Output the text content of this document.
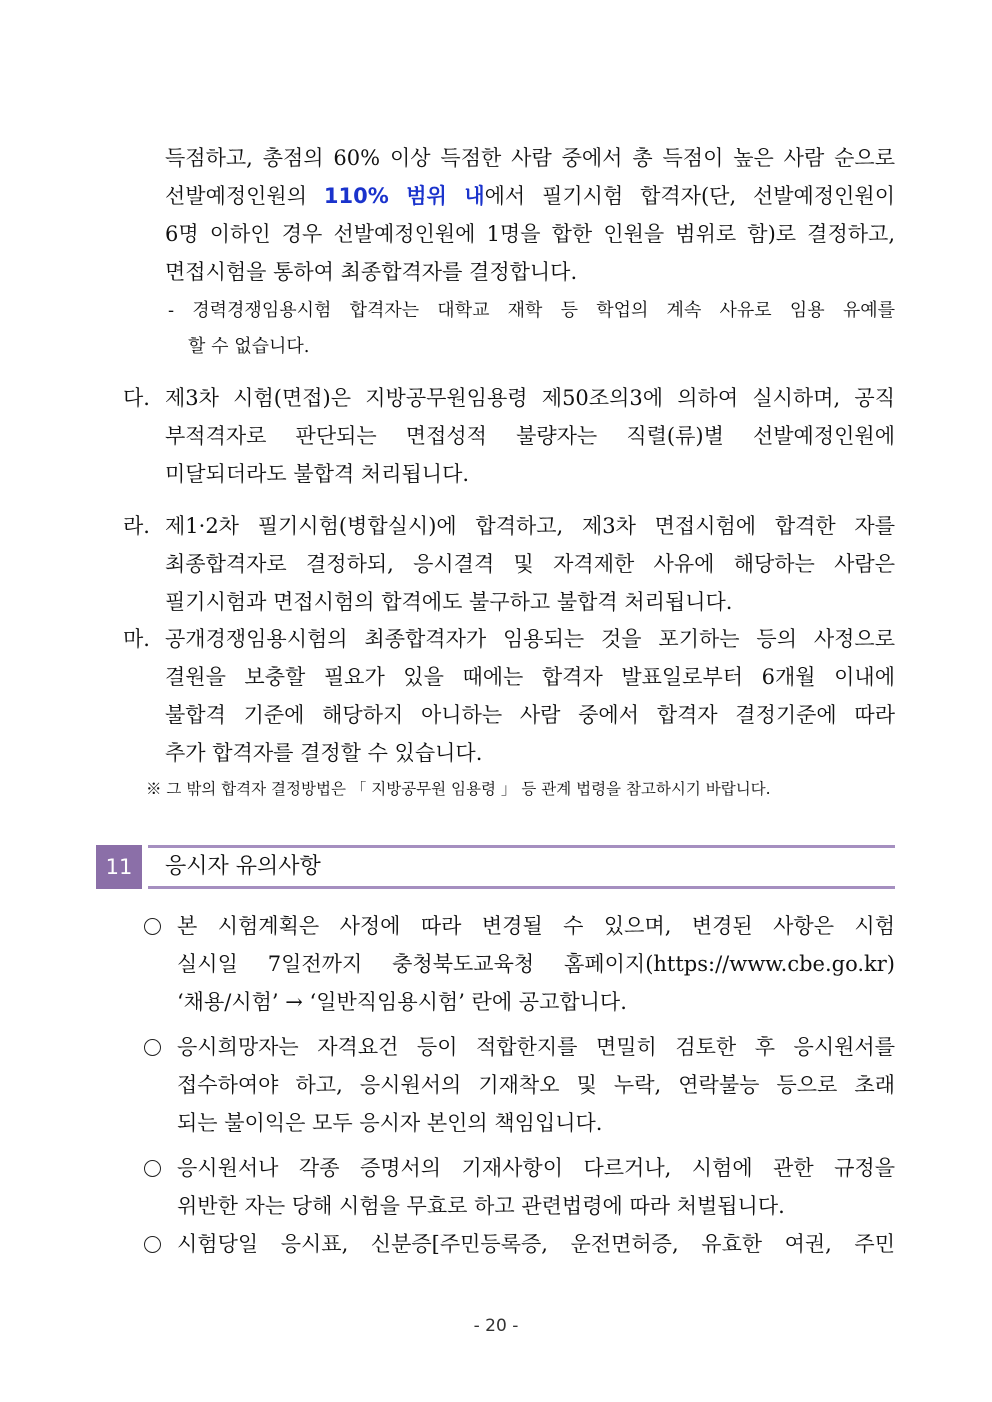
득점하고, 총점의 60% 이상 득점한 사람 중에서 총 득점이 높은 사람 순으로
선발예정인원의 110% 범위 내에서 필기시험 합격자(단, 선발예정인원이
6명 이하인 경우 선발예정인원에 1명을 합한 인원을 범위로 함)로 결정하고,
면접시험을 통하여 최종합격자를 결정합니다.
- 경력경쟁임용시험 합격자는 대학교 재학 등 학업의 계속 사유로 임용 유예를
할 수 없습니다.
다. 제3차 시험(면접)은 지방공무원임용령 제50조의3에 의하여 실시하며, 공직
부적격자로 판단되는 면접성적 불량자는 직렬(류)별 선발예정인원에
미달되더라도 불합격 처리됩니다.
라. 제1·2차 필기시험(병합실시)에 합격하고, 제3차 면접시험에 합격한 자를
최종합격자로 결정하되, 응시결격 및 자격제한 사유에 해당하는 사람은
필기시험과 면접시험의 합격에도 불구하고 불합격 처리됩니다.
마. 공개경쟁임용시험의 최종합격자가 임용되는 것을 포기하는 등의 사정으로
결원을 보충할 필요가 있을 때에는 합격자 발표일로부터 6개월 이내에
불합격 기준에 해당하지 아니하는 사람 중에서 합격자 결정기준에 따라
추가 합격자를 결정할 수 있습니다.
※ 그 밖의 합격자 결정방법은 「 지방공무원 임용령 」 등 관계 법령을 참고하시기 바랍니다.
11	응시자 유의사항
본 시험계획은 사정에 따라 변경될 수 있으며, 변경된 사항은 시험
실시일 7일전까지 충청북도교육청 홈페이지(https://www.cbe.go.kr)
‘채용/시험’ → ‘일반직임용시험’ 란에 공고합니다.
응시희망자는 자격요건 등이 적합한지를 면밀히 검토한 후 응시원서를
접수하여야 하고, 응시원서의 기재착오 및 누락, 연락불능 등으로 초래
되는 불이익은 모두 응시자 본인의 책임입니다.
응시원서나 각종 증명서의 기재사항이 다르거나, 시험에 관한 규정을
위반한 자는 당해 시험을 무효로 하고 관련법령에 따라 처벌됩니다.
시험당일 응시표, 신분증[주민등록증, 운전면허증, 유효한 여권, 주민
- 20 -
